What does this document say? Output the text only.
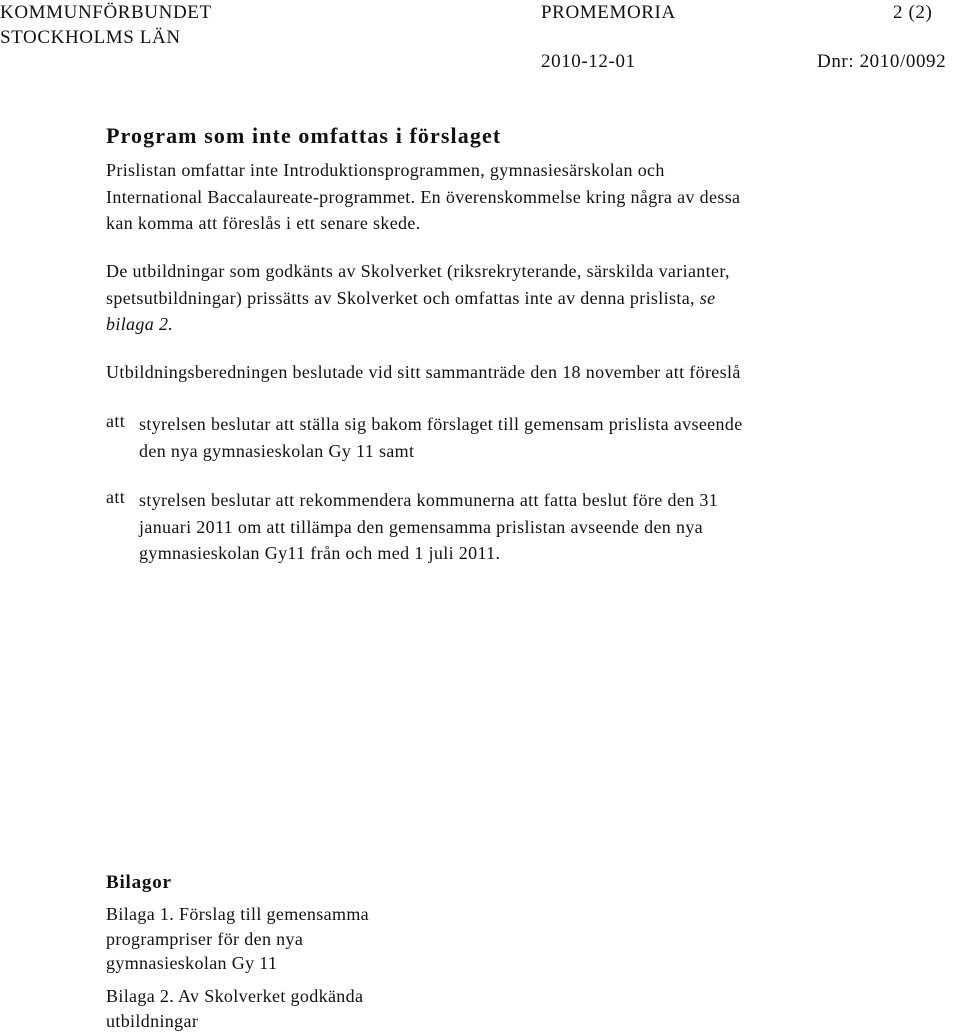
KOMMUNFÖRBUNDET
STOCKHOLMS LÄN
PROMEMORIA	2 (2)
2010-12-01	Dnr: 2010/0092
Program som inte omfattas i förslaget
Prislistan omfattar inte Introduktionsprogrammen, gymnasiesärskolan och
International Baccalaureate-programmet. En överenskommelse kring några av dessa
kan komma att föreslås i ett senare skede.
De utbildningar som godkänts av Skolverket (riksrekryterande, särskilda varianter,
spetsutbildningar) prissätts av Skolverket och omfattas inte av denna prislista, se
bilaga 2.
Utbildningsberedningen beslutade vid sitt sammanträde den 18 november att föreslå
att styrelsen beslutar att ställa sig bakom förslaget till gemensam prislista avseende
den nya gymnasieskolan Gy 11 samt
att styrelsen beslutar att rekommendera kommunerna att fatta beslut före den 31
januari 2011 om att tillämpa den gemensamma prislistan avseende den nya
gymnasieskolan Gy11 från och med 1 juli 2011.
Bilagor
Bilaga 1. Förslag till gemensamma
programpriser för den nya
gymnasieskolan Gy 11
Bilaga 2. Av Skolverket godkända
utbildningar
